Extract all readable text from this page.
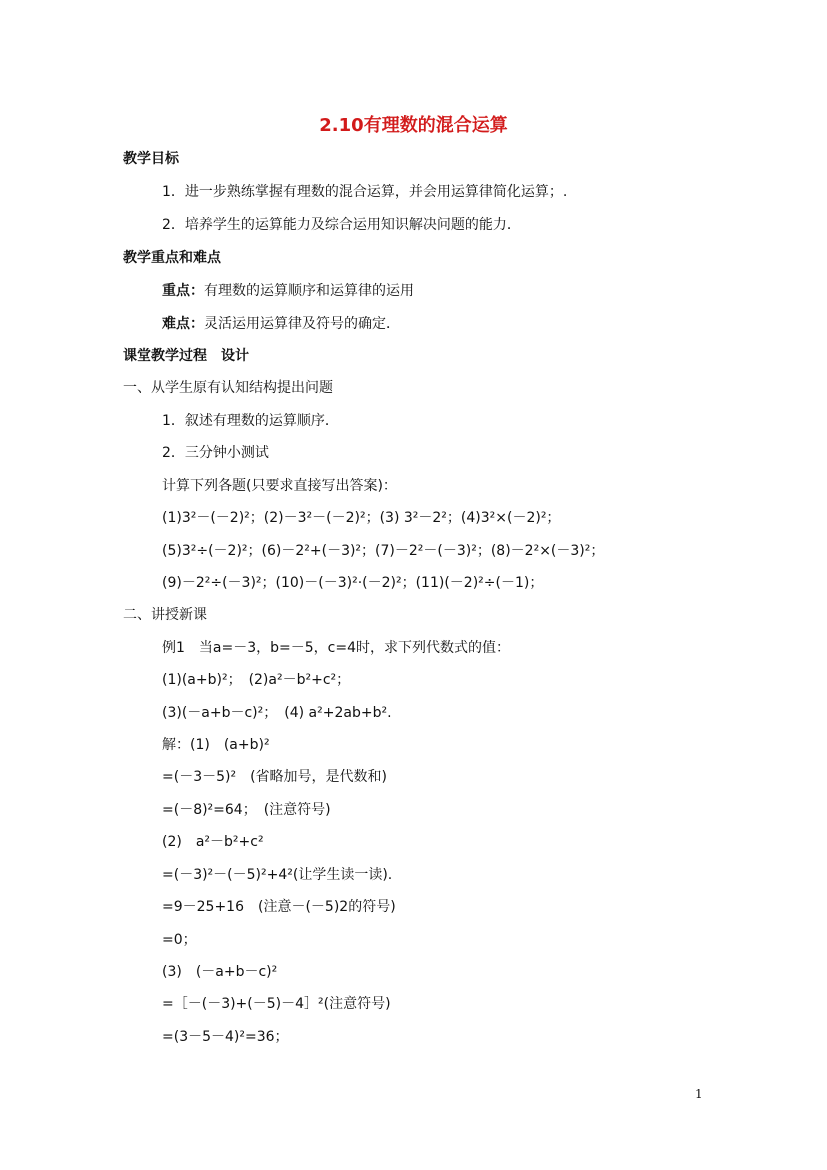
2.10有理数的混合运算
教学目标
1．进一步熟练掌握有理数的混合运算，并会用运算律简化运算；.
2．培养学生的运算能力及综合运用知识解决问题的能力．
教学重点和难点
重点：有理数的运算顺序和运算律的运用
难点：灵活运用运算律及符号的确定．
课堂教学过程　设计
一、从学生原有认知结构提出问题
1．叙述有理数的运算顺序．
2．三分钟小测试
计算下列各题(只要求直接写出答案)：
(1)3²－(－2)²；(2)－3²－(－2)²；(3) 3²－2²；(4)3²×(－2)²；
(5)3²÷(－2)²；(6)－2²+(－3)²；(7)－2²－(－3)²；(8)－2²×(－3)²；
(9)－2²÷(－3)²；(10)－(－3)²·(－2)²；(11)(－2)²÷(－1)；
二、讲授新课
例1　当a=－3，b=－5，c=4时，求下列代数式的值：
(1)(a+b)²；　(2)a²－b²+c²；
(3)(－a+b－c)²；　(4) a²+2ab+b².
解：(1)　(a+b)²
=(－3－5)²　(省略加号，是代数和)
=(－8)²=64；　(注意符号)
(2)　a²－b²+c²
=(－3)²－(－5)²+4²(让学生读一读).
=9－25+16　(注意－(－5)2的符号)
=0；
(3)　(－a+b－c)²
=［－(－3)+(－5)－4］²(注意符号)
=(3－5－4)²=36；
1
